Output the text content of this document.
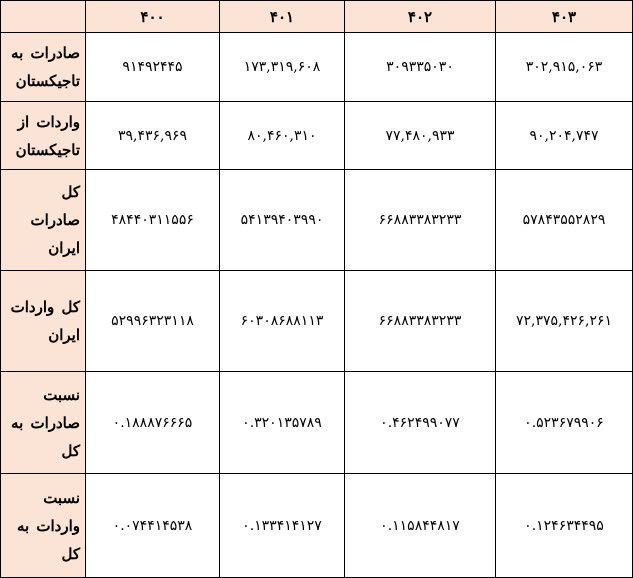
	۴۰۰	۴۰۱	۴۰۲	۴۰۳
صادرات به تاجیکستان	۹۱۴۹۲۴۴۵	۱۷۳,۳۱۹,۶۰۸	۳۰۹۳۳۵۰۳۰	۳۰۲,۹۱۵,۰۶۳
واردات از تاجیکستان	۳۹,۴۳۶,۹۶۹	۸۰,۴۶۰,۳۱۰	۷۷,۴۸۰,۹۳۳	۹۰,۲۰۴,۷۴۷
کل صادرات ایران	۴۸۴۴۰۳۱۱۵۵۶	۵۴۱۳۹۴۰۳۹۹۰	۶۶۸۸۳۳۸۳۲۳۳	۵۷۸۴۳۵۵۲۸۲۹
کل واردات ایران	۵۲۹۹۶۳۲۳۱۱۸	۶۰۳۰۸۶۸۸۱۱۳	۶۶۸۸۳۳۸۳۲۳۳	۷۲,۳۷۵,۴۲۶,۲۶۱
نسبت صادرات به کل	۰.۱۸۸۸۷۶۶۶۵	۰.۳۲۰۱۳۵۷۸۹	۰.۴۶۲۴۹۹۰۷۷	۰.۵۲۳۶۷۹۹۰۶
نسبت واردات به کل	۰.۰۷۴۴۱۴۵۳۸	۰.۱۳۳۴۱۴۱۲۷	۰.۱۱۵۸۴۴۸۱۷	۰.۱۲۴۶۳۴۴۹۵
